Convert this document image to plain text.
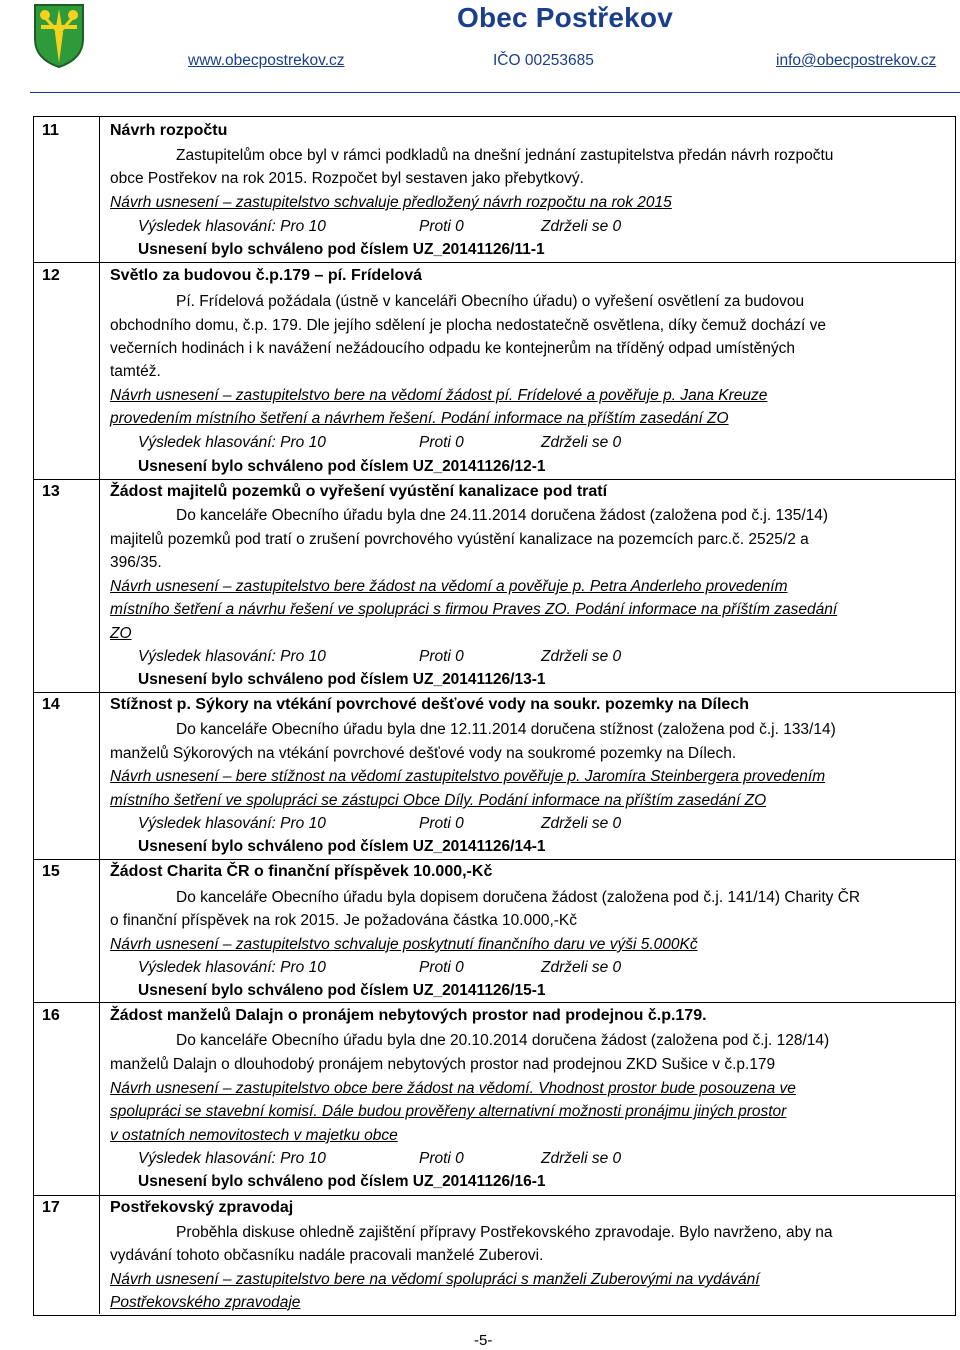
Obec Postřekov
www.obecpostrekov.cz	IČO 00253685	info@obecpostrekov.cz
11	Návrh rozpočtu
Zastupitelům obce byl v rámci podkladů na dnešní jednání zastupitelstva předán návrh rozpočtu
obce Postřekov na rok 2015. Rozpočet byl sestaven jako přebytkový.
Návrh usnesení – zastupitelstvo schvaluje předložený návrh rozpočtu na rok 2015
Výsledek hlasování: Pro 10	Proti 0	Zdrželi se 0
Usnesení bylo schváleno pod číslem UZ_20141126/11-1
12	Světlo za budovou č.p.179 – pí. Frídelová
Pí. Frídelová požádala (ústně v kanceláři Obecního úřadu) o vyřešení osvětlení za budovou
obchodního domu, č.p. 179. Dle jejího sdělení je plocha nedostatečně osvětlena, díky čemuž dochází ve
večerních hodinách i k navážení nežádoucího odpadu ke kontejnerům na tříděný odpad umístěných
tamtéž.
Návrh usnesení – zastupitelstvo bere na vědomí žádost pí. Frídelové a pověřuje p. Jana Kreuze
provedením místního šetření a návrhem řešení. Podání informace na příštím zasedání ZO
Výsledek hlasování: Pro 10	Proti 0	Zdrželi se 0
Usnesení bylo schváleno pod číslem UZ_20141126/12-1
13	Žádost majitelů pozemků o vyřešení vyústění kanalizace pod tratí
Do kanceláře Obecního úřadu byla dne 24.11.2014 doručena žádost (založena pod č.j. 135/14)
majitelů pozemků pod tratí o zrušení povrchového vyústění kanalizace na pozemcích parc.č. 2525/2 a
396/35.
Návrh usnesení – zastupitelstvo bere žádost na vědomí a pověřuje p. Petra Anderleho provedením
místního šetření a návrhu řešení ve spolupráci s firmou Praves ZO. Podání informace na příštím zasedání
ZO
Výsledek hlasování: Pro 10	Proti 0	Zdrželi se 0
Usnesení bylo schváleno pod číslem UZ_20141126/13-1
14	Stížnost p. Sýkory na vtékání povrchové dešťové vody na soukr. pozemky na Dílech
Do kanceláře Obecního úřadu byla dne 12.11.2014 doručena stížnost (založena pod č.j. 133/14)
manželů Sýkorových na vtékání povrchové dešťové vody na soukromé pozemky na Dílech.
Návrh usnesení – bere stížnost na vědomí zastupitelstvo pověřuje p. Jaromíra Steinbergera provedením
místního šetření ve spolupráci se zástupci Obce Díly. Podání informace na příštím zasedání ZO
Výsledek hlasování: Pro 10	Proti 0	Zdrželi se 0
Usnesení bylo schváleno pod číslem UZ_20141126/14-1
15	Žádost Charita ČR o finanční příspěvek 10.000,-Kč
Do kanceláře Obecního úřadu byla dopisem doručena žádost (založena pod č.j. 141/14) Charity ČR
o finanční příspěvek na rok 2015. Je požadována částka 10.000,-Kč
Návrh usnesení – zastupitelstvo schvaluje poskytnutí finančního daru ve výši 5.000Kč
Výsledek hlasování: Pro 10	Proti 0	Zdrželi se 0
Usnesení bylo schváleno pod číslem UZ_20141126/15-1
16	Žádost manželů Dalajn o pronájem nebytových prostor nad prodejnou č.p.179.
Do kanceláře Obecního úřadu byla dne 20.10.2014 doručena žádost (založena pod č.j. 128/14)
manželů Dalajn o dlouhodobý pronájem nebytových prostor nad prodejnou ZKD Sušice v č.p.179
Návrh usnesení – zastupitelstvo obce bere žádost na vědomí. Vhodnost prostor bude posouzena ve
spolupráci se stavební komisí. Dále budou prověřeny alternativní možnosti pronájmu jiných prostor
v ostatních nemovitostech v majetku obce
Výsledek hlasování: Pro 10	Proti 0	Zdrželi se 0
Usnesení bylo schváleno pod číslem UZ_20141126/16-1
17	Postřekovský zpravodaj
Proběhla diskuse ohledně zajištění přípravy Postřekovského zpravodaje. Bylo navrženo, aby na
vydávání tohoto občasníku nadále pracovali manželé Zuberovi.
Návrh usnesení – zastupitelstvo bere na vědomí spolupráci s manželi Zuberovými na vydávání
Postřekovského zpravodaje
-5-
